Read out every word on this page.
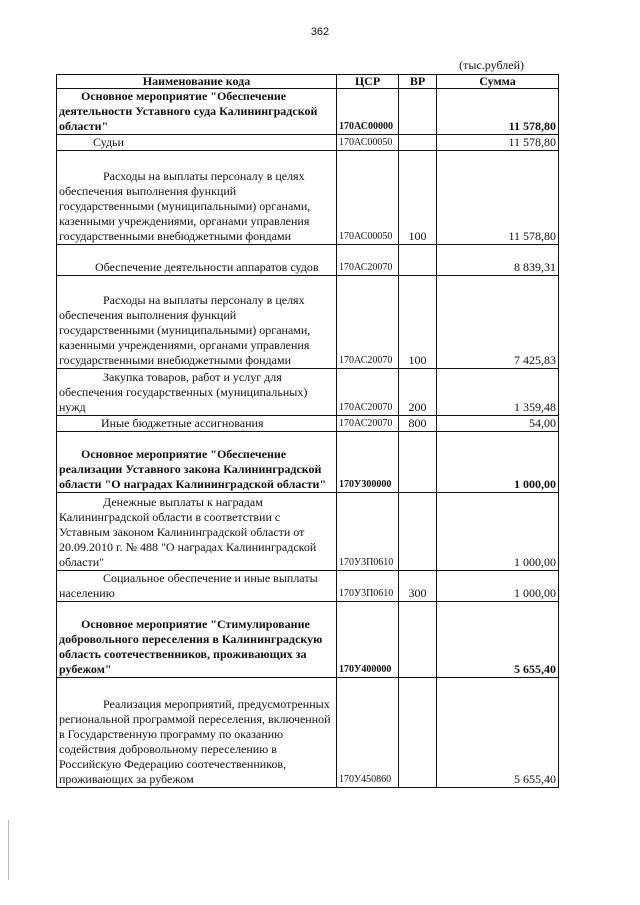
362
(тыс.рублей)
Наименование кода	ЦСР	ВР	Сумма
Основное мероприятие "Обеспечение деятельности Уставного суда Калининградской области"	170АС00000		11 578,80
Судьи	170АС00050		11 578,80
Расходы на выплаты персоналу в целях обеспечения выполнения функций государственными (муниципальными) органами, казенными учреждениями, органами управления государственными внебюджетными фондами	170АС00050	100	11 578,80
Обеспечение деятельности аппаратов судов	170АС20070		8 839,31
Расходы на выплаты персоналу в целях обеспечения выполнения функций государственными (муниципальными) органами, казенными учреждениями, органами управления государственными внебюджетными фондами	170АС20070	100	7 425,83
Закупка товаров, работ и услуг для обеспечения государственных (муниципальных) нужд	170АС20070	200	1 359,48
Иные бюджетные ассигнования	170АС20070	800	54,00
Основное мероприятие "Обеспечение реализации Уставного закона Калининградской области "О наградах Калининградской области"	170У300000		1 000,00
Денежные выплаты к наградам Калининградской области в соответствии с Уставным законом Калининградской области от 20.09.2010 г. № 488 "О наградах Калининградской области"	170У3П0610		1 000,00
Социальное обеспечение и иные выплаты населению	170У3П0610	300	1 000,00
Основное мероприятие "Стимулирование добровольного переселения в Калининградскую область соотечественников, проживающих за рубежом"	170У400000		5 655,40
Реализация мероприятий, предусмотренных региональной программой переселения, включенной в Государственную программу по оказанию содействия добровольному переселению в Российскую Федерацию соотечественников, проживающих за рубежом	170У450860		5 655,40
